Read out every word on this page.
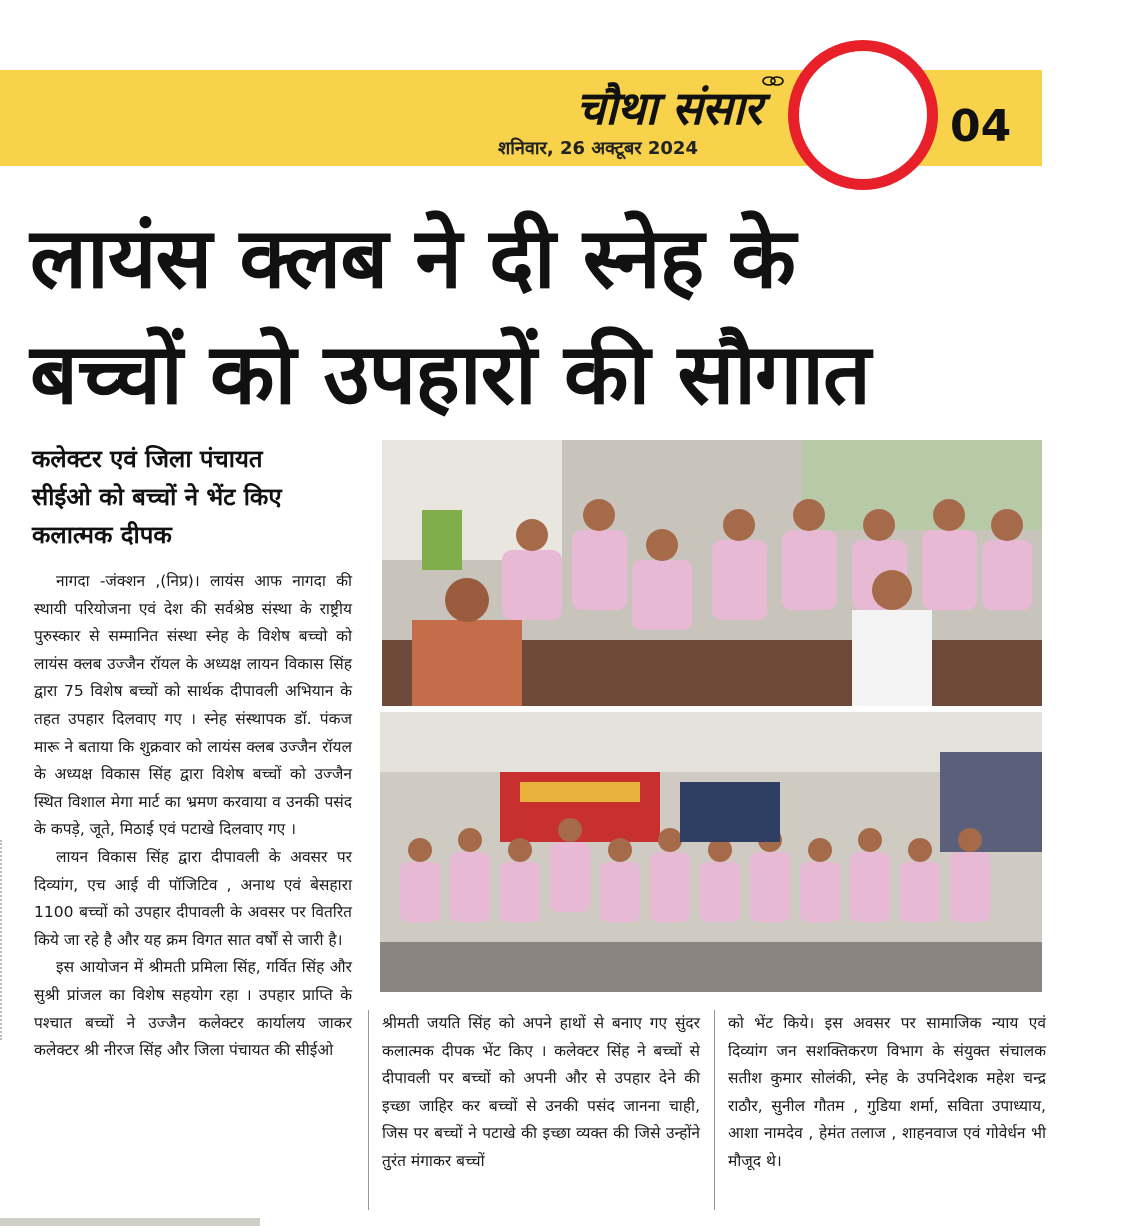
चौथा संसार
शनिवार, 26 अक्टूबर 2024	04
लायंस क्लब ने दी स्नेह के
बच्चों को उपहारों की सौगात
कलेक्टर एवं जिला पंचायत
सीईओ को बच्चों ने भेंट किए
कलात्मक दीपक

नागदा -जंक्शन ,(निप्र)। लायंस आफ नागदा की स्थायी परियोजना एवं देश की सर्वश्रेष्ठ संस्था के राष्ट्रीय पुरुस्कार से सम्मानित संस्था स्नेह के विशेष बच्चो को लायंस क्लब उज्जैन रॉयल के अध्यक्ष लायन विकास सिंह द्वारा 75 विशेष बच्चों को सार्थक दीपावली अभियान के तहत उपहार दिलवाए गए । स्नेह संस्थापक डॉ. पंकज मारू ने बताया कि शुक्रवार को लायंस क्लब उज्जैन रॉयल के अध्यक्ष विकास सिंह द्वारा विशेष बच्चों को उज्जैन स्थित विशाल मेगा मार्ट का भ्रमण करवाया व उनकी पसंद के कपड़े, जूते, मिठाई एवं पटाखे दिलवाए गए ।

लायन विकास सिंह द्वारा दीपावली के अवसर पर दिव्यांग, एच आई वी पॉजिटिव , अनाथ एवं बेसहारा 1100 बच्चों को उपहार दीपावली के अवसर पर वितरित किये जा रहे है और यह क्रम विगत सात वर्षों से जारी है।

इस आयोजन में श्रीमती प्रमिला सिंह, गर्वित सिंह और सुश्री प्रांजल का विशेष सहयोग रहा । उपहार प्राप्ति के पश्चात बच्चों ने उज्जैन कलेक्टर कार्यालय जाकर कलेक्टर श्री नीरज सिंह और जिला पंचायत की सीईओ

श्रीमती जयति सिंह को अपने हाथों से बनाए गए सुंदर कलात्मक दीपक भेंट किए । कलेक्टर सिंह ने बच्चों से दीपावली पर बच्चों को अपनी और से उपहार देने की इच्छा जाहिर कर बच्चों से उनकी पसंद जानना चाही, जिस पर बच्चों ने पटाखे की इच्छा व्यक्त की जिसे उन्होंने तुरंत मंगाकर बच्चों

को भेंट किये। इस अवसर पर सामाजिक न्याय एवं दिव्यांग जन सशक्तिकरण विभाग के संयुक्त संचालक सतीश कुमार सोलंकी, स्नेह के उपनिदेशक महेश चन्द्र राठौर, सुनील गौतम , गुडिया शर्मा, सविता उपाध्याय, आशा नामदेव , हेमंत तलाज , शाहनवाज एवं गोवेर्धन भी मौजूद थे।
